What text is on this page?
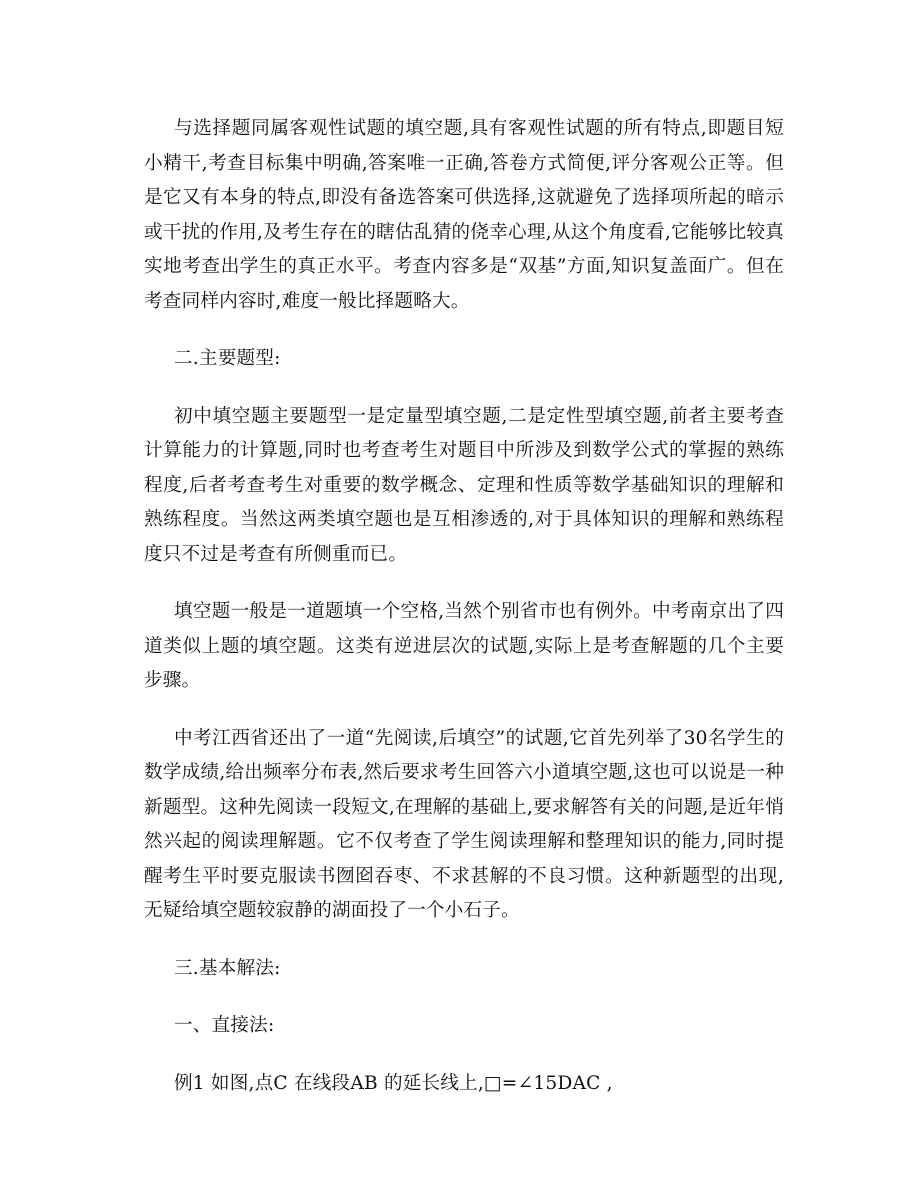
与选择题同属客观性试题的填空题,具有客观性试题的所有特点,即题目短小精干,考查目标集中明确,答案唯一正确,答卷方式简便,评分客观公正等。但是它又有本身的特点,即没有备选答案可供选择,这就避免了选择项所起的暗示或干扰的作用,及考生存在的瞎估乱猜的侥幸心理,从这个角度看,它能够比较真实地考查出学生的真正水平。考查内容多是“双基”方面,知识复盖面广。但在考查同样内容时,难度一般比择题略大。

二.主要题型:

初中填空题主要题型一是定量型填空题,二是定性型填空题,前者主要考查计算能力的计算题,同时也考查考生对题目中所涉及到数学公式的掌握的熟练程度,后者考查考生对重要的数学概念、定理和性质等数学基础知识的理解和熟练程度。当然这两类填空题也是互相渗透的,对于具体知识的理解和熟练程度只不过是考查有所侧重而已。

填空题一般是一道题填一个空格,当然个别省市也有例外。中考南京出了四道类似上题的填空题。这类有逆进层次的试题,实际上是考查解题的几个主要步骤。

中考江西省还出了一道“先阅读,后填空”的试题,它首先列举了30名学生的数学成绩,给出频率分布表,然后要求考生回答六小道填空题,这也可以说是一种新题型。这种先阅读一段短文,在理解的基础上,要求解答有关的问题,是近年悄然兴起的阅读理解题。它不仅考查了学生阅读理解和整理知识的能力,同时提醒考生平时要克服读书囫囵吞枣、不求甚解的不良习惯。这种新题型的出现,无疑给填空题较寂静的湖面投了一个小石子。

三.基本解法:

一、直接法:

例1 如图,点C 在线段AB 的延长线上,□=∠15DAC ,
